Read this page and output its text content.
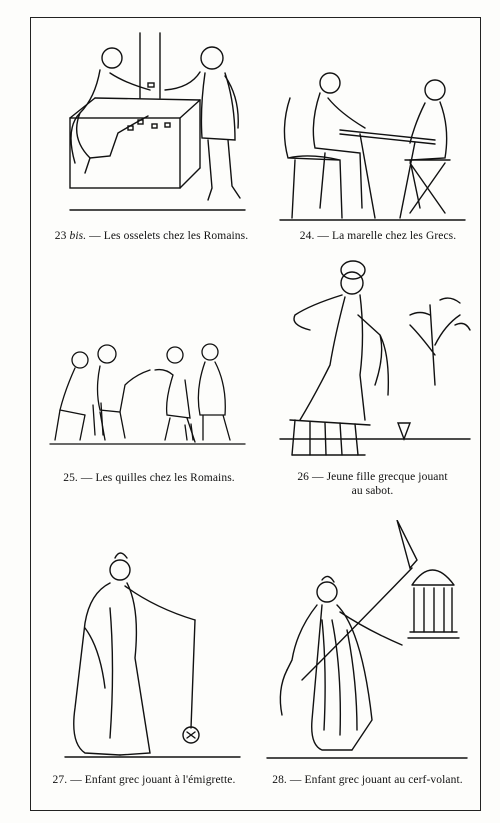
23 bis. — Les osselets chez les Romains.	24. — La marelle chez les Grecs.
25. — Les quilles chez les Romains.	26 — Jeune fille grecque jouant
au sabot.
27. — Enfant grec jouant à l'émigrette.	28. — Enfant grec jouant au cerf-volant.
